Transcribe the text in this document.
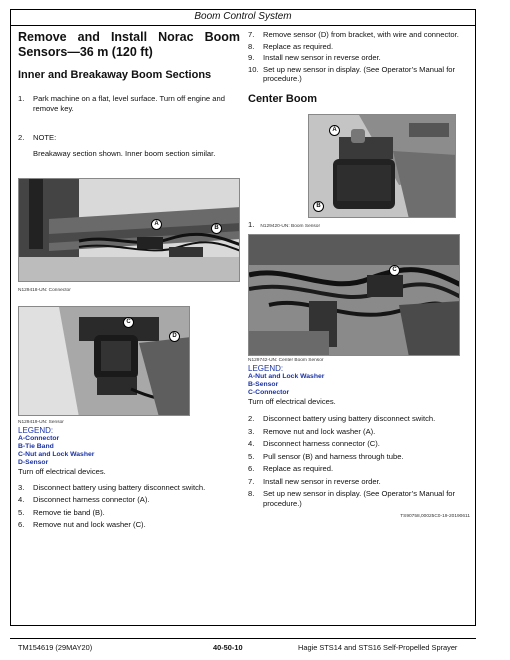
Boom Control System
Remove and Install Norac Boom
Sensors—36 m (120 ft)
Inner and Breakaway Boom Sections
1. Park machine on a flat, level surface. Turn off engine and remove key.
2. NOTE:
Breakaway section shown. Inner boom section similar.
A
B
N129418-UN: Connector
C
D
N129419-UN: Sensor
LEGEND:
A-Connector
B-Tie Band
C-Nut and Lock Washer
D-Sensor
Turn off electrical devices.
3. Disconnect battery using battery disconnect switch.
4. Disconnect harness connector (A).
5. Remove tie band (B).
6. Remove nut and lock washer (C).
7. Remove sensor (D) from bracket, with wire and connector.
8. Replace as required.
9. Install new sensor in reverse order.
10. Set up new sensor in display. (See Operator’s Manual for procedure.)
Center Boom
A
B
1. N129420-UN: Boom Sensor
C
N129742-UN: Center Boom Sensor
LEGEND:
A-Nut and Lock Washer
B-Sensor
C-Connector
Turn off electrical devices.
2. Disconnect battery using battery disconnect switch.
3. Remove nut and lock washer (A).
4. Disconnect harness connector (C).
5. Pull sensor (B) and harness through tube.
6. Replace as required.
7. Install new sensor in reverse order.
8. Set up new sensor in display. (See Operator’s Manual for procedure.)
TS90758,00025C0-19-20190611
TM154619 (29MAY20)	40-50-10	Hagie STS14 and STS16 Self-Propelled Sprayer
